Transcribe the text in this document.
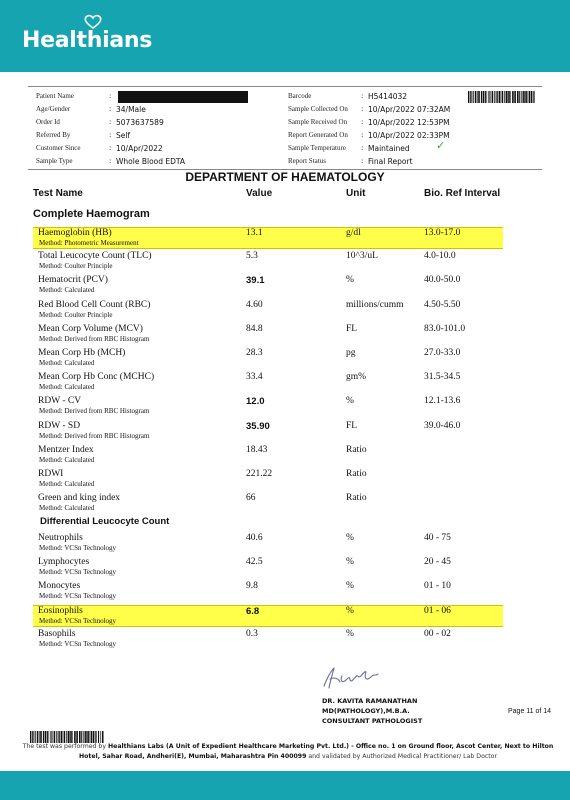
Healthians
Patient Name	:
Age/Gender	: 34/Male
Order Id	: 5073637589
Referred By	: Self
Customer Since	: 10/Apr/2022
Sample Type	: Whole Blood EDTA
Barcode	: H5414032
Sample Collected On : 10/Apr/2022 07:32AM
Sample Received On : 10/Apr/2022 12:53PM
Report Generated On : 10/Apr/2022 02:33PM
Sample Temperature : Maintained
Report Status	: Final Report
✓
DEPARTMENT OF HAEMATOLOGY
Test Name	Value	Unit	Bio. Ref Interval
Complete Haemogram
Differential Leucocyte Count
Haemoglobin (HB)
Method: Photometric Measurement
13.1	g/dl	13.0-17.0
Total Leucocyte Count (TLC)
Method: Coulter Principle
5.3	10^3/uL	4.0-10.0
Hematocrit (PCV)
Method: Calculated
39.1	%	40.0-50.0
Red Blood Cell Count (RBC)
Method: Coulter Principle
4.60	millions/cumm 4.50-5.50
Mean Corp Volume (MCV)
Method: Derived from RBC Histogram
84.8	FL	83.0-101.0
Mean Corp Hb (MCH)
Method: Calculated
28.3	pg	27.0-33.0
Mean Corp Hb Conc (MCHC)
Method: Calculated
33.4	gm%	31.5-34.5
RDW - CV
Method: Derived from RBC Histogram
12.0	%	12.1-13.6
RDW - SD
Method: Derived from RBC Histogram
35.90	FL	39.0-46.0
Mentzer Index
Method: Calculated
18.43	Ratio
RDWI
Method: Calculated
221.22	Ratio
Green and king index
Method: Calculated
66	Ratio
Neutrophils
Method: VCSn Technology
40.6	%	40 - 75
Lymphocytes
Method: VCSn Technology
42.5	%	20 - 45
Monocytes
Method: VCSn Technology
9.8	%	01 - 10
Eosinophils
Method: VCSn Technology
6.8	%	01 - 06
Basophils
Method: VCSn Technology
0.3	%	00 - 02
DR. KAVITA RAMANATHAN
MD(PATHOLOGY),M.B.A.
CONSULTANT PATHOLOGIST
Page 11 of 14
The test was performed by Healthians Labs (A Unit of Expedient Healthcare Marketing Pvt. Ltd.) - Office no. 1 on Ground floor, Ascot Center, Next to Hilton Hotel, Sahar Road, Andheri(E), Mumbai, Maharashtra Pin 400099 and validated by Authorized Medical Practitioner/ Lab Doctor
